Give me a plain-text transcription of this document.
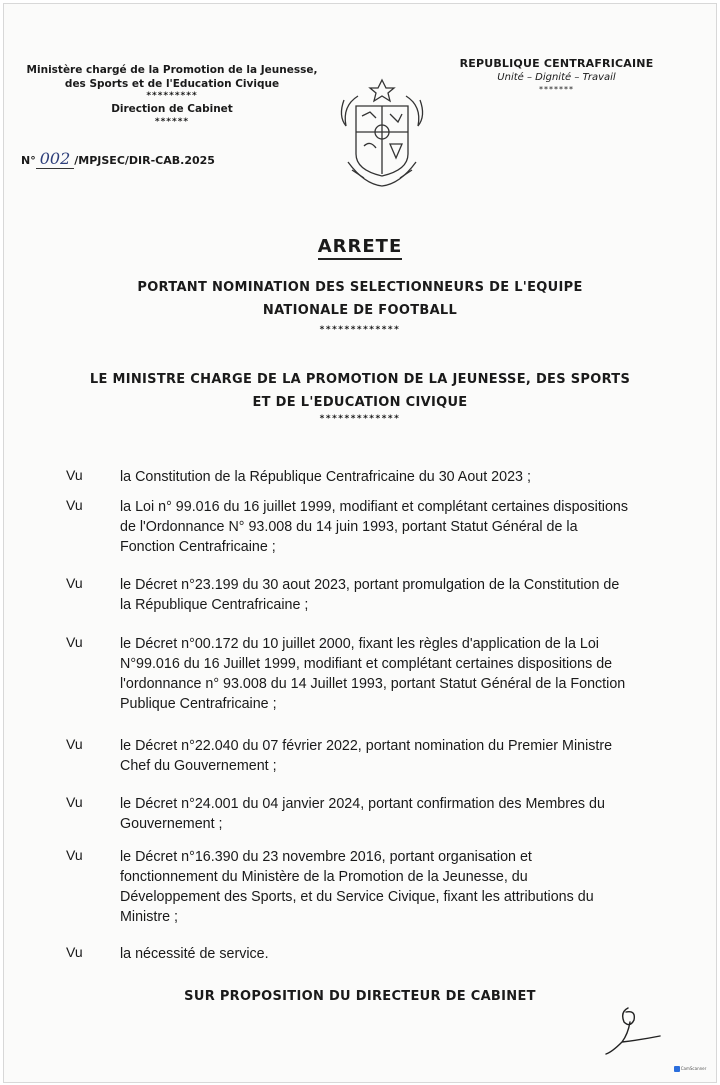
Ministère chargé de la Promotion de la Jeunesse,
des Sports et de l'Education Civique
*********
Direction de Cabinet
******
N° 002 /MPJSEC/DIR-CAB.2025
REPUBLIQUE CENTRAFRICAINE
Unité – Dignité – Travail
*******
ARRETE
PORTANT NOMINATION DES SELECTIONNEURS DE L'EQUIPE
NATIONALE DE FOOTBALL
*************
LE MINISTRE CHARGE DE LA PROMOTION DE LA JEUNESSE, DES SPORTS
ET DE L'EDUCATION CIVIQUE
*************
Vu	la Constitution de la République Centrafricaine du 30 Aout 2023 ;
Vu	la Loi n° 99.016 du 16 juillet 1999, modifiant et complétant certaines dispositions
de l'Ordonnance N° 93.008 du 14 juin 1993, portant Statut Général de la
Fonction Centrafricaine ;
Vu	le Décret n°23.199 du 30 aout 2023, portant promulgation de la Constitution de
la République Centrafricaine ;
Vu	le Décret n°00.172 du 10 juillet 2000, fixant les règles d'application de la Loi
N°99.016 du 16 Juillet 1999, modifiant et complétant certaines dispositions de
l'ordonnance n° 93.008 du 14 Juillet 1993, portant Statut Général de la Fonction
Publique Centrafricaine ;
Vu	le Décret n°22.040 du 07 février 2022, portant nomination du Premier Ministre
Chef du Gouvernement ;
Vu	le Décret n°24.001 du 04 janvier 2024, portant confirmation des Membres du
Gouvernement ;
Vu	le Décret n°16.390 du 23 novembre 2016, portant organisation et
fonctionnement du Ministère de la Promotion de la Jeunesse, du
Développement des Sports, et du Service Civique, fixant les attributions du
Ministre ;
Vu	la nécessité de service.
SUR PROPOSITION DU DIRECTEUR DE CABINET
CamScanner
